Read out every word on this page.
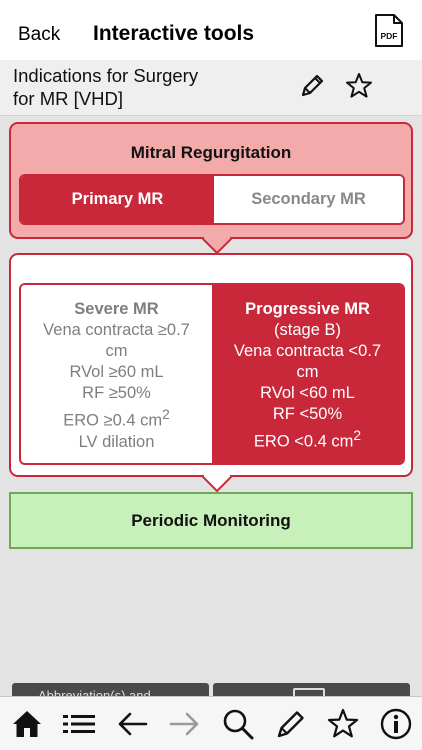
Back Interactive tools	PDF
Indications for Surgery
for MR [VHD]
Mitral Regurgitation
Primary MR	Secondary MR
Severe MR
Vena contracta ≥0.7
cm
RVol ≥60 mL
RF ≥50%
ERO ≥0.4 $cm^2$
LV dilation
Progressive MR
(stage B)
Vena contracta <0.7
cm
RVol <60 mL
RF <50%
ERO <0.4 $cm^2$
Periodic Monitoring
